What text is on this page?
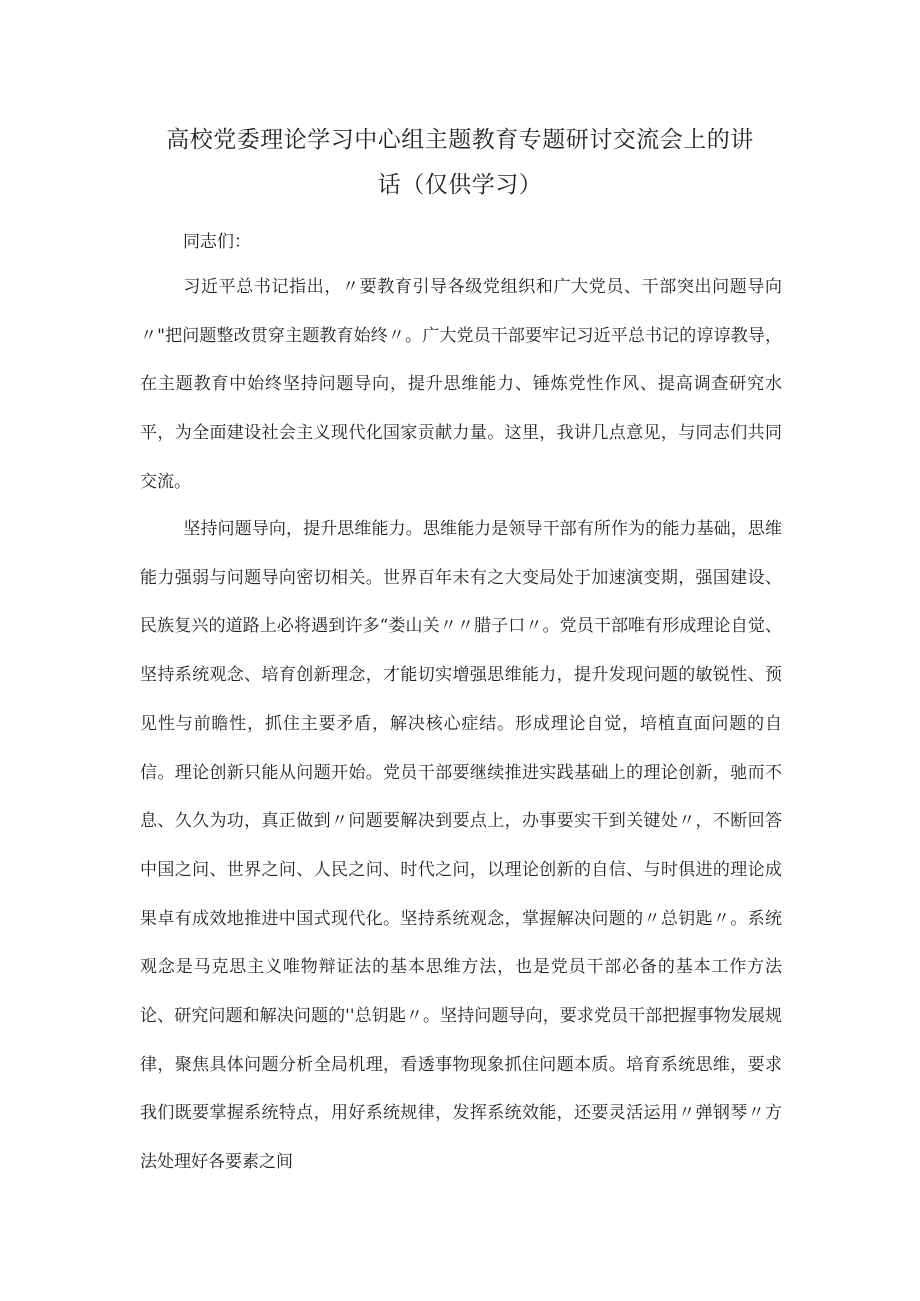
高校党委理论学习中心组主题教育专题研讨交流会上的讲
话（仅供学习）
同志们：

习近平总书记指出，〃要教育引导各级党组织和广大党员、干部突出问题导向〃"把问题整改贯穿主题教育始终〃。广大党员干部要牢记习近平总书记的谆谆教导，在主题教育中始终坚持问题导向，提升思维能力、锤炼党性作风、提高调查研究水平，为全面建设社会主义现代化国家贡献力量。这里，我讲几点意见，与同志们共同交流。

坚持问题导向，提升思维能力。思维能力是领导干部有所作为的能力基础，思维能力强弱与问题导向密切相关。世界百年未有之大变局处于加速演变期，强国建设、民族复兴的道路上必将遇到许多“娄山关〃〃腊子口〃。党员干部唯有形成理论自觉、坚持系统观念、培育创新理念，才能切实增强思维能力，提升发现问题的敏锐性、预见性与前瞻性，抓住主要矛盾，解决核心症结。形成理论自觉，培植直面问题的自信。理论创新只能从问题开始。党员干部要继续推进实践基础上的理论创新，驰而不息、久久为功，真正做到〃问题要解决到要点上，办事要实干到关键处〃，不断回答中国之问、世界之问、人民之问、时代之问，以理论创新的自信、与时俱进的理论成果卓有成效地推进中国式现代化。坚持系统观念，掌握解决问题的〃总钥匙〃。系统观念是马克思主义唯物辩证法的基本思维方法，也是党员干部必备的基本工作方法论、研究问题和解决问题的''总钥匙〃。坚持问题导向，要求党员干部把握事物发展规律，聚焦具体问题分析全局机理，看透事物现象抓住问题本质。培育系统思维，要求我们既要掌握系统特点，用好系统规律，发挥系统效能，还要灵活运用〃弹钢琴〃方法处理好各要素之间
